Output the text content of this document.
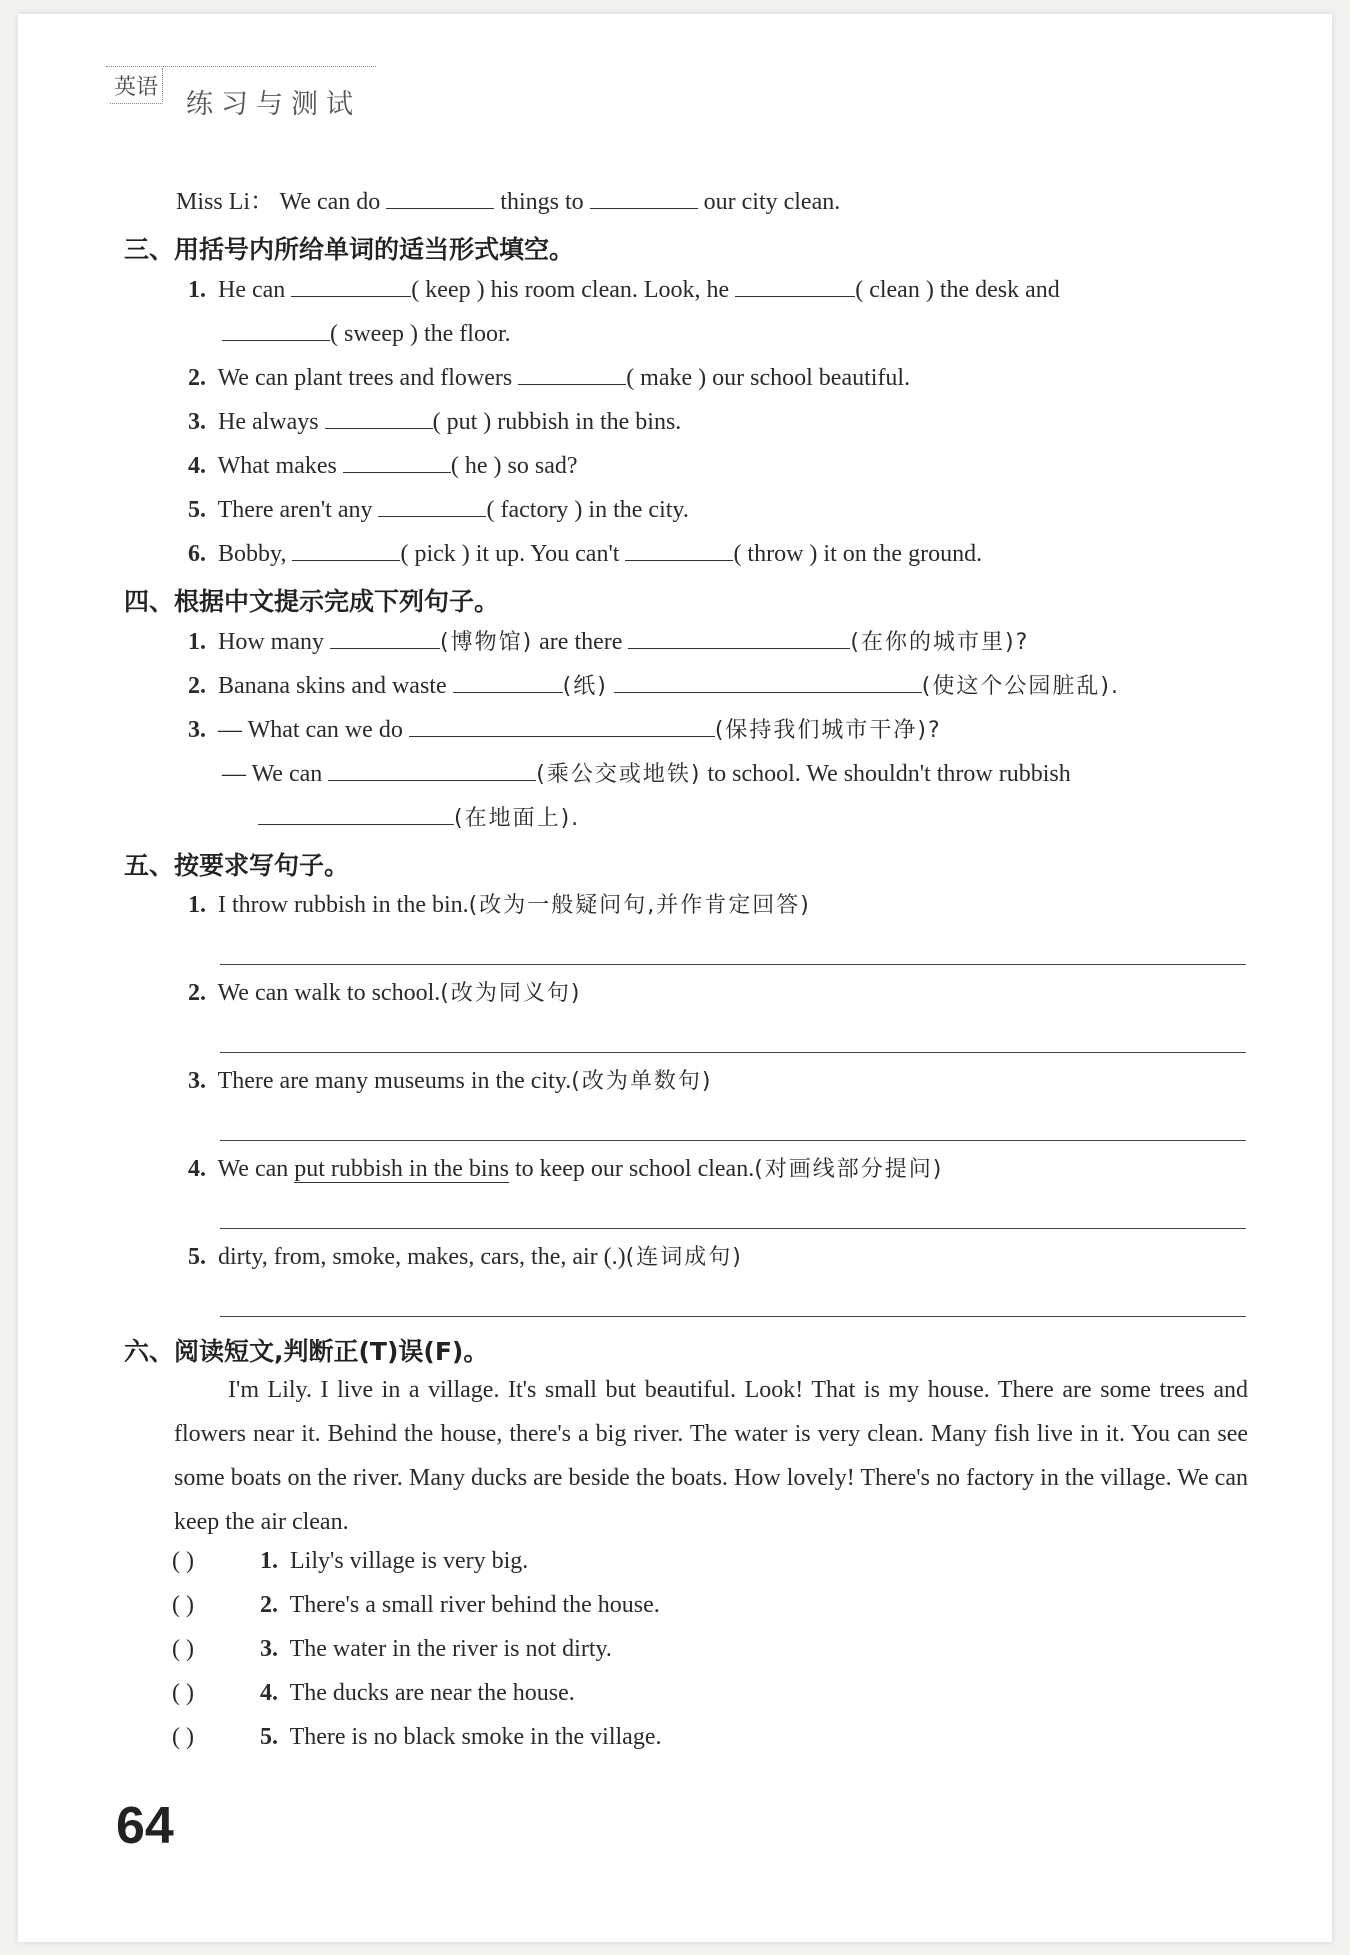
英语
练习与测试
Miss Li： We can do	things to	our city clean.
三、用括号内所给单词的适当形式填空。
1. He can	( keep ) his room clean. Look, he	( clean ) the desk and
( sweep ) the floor.
2. We can plant trees and flowers	( make ) our school beautiful.
3. He always	( put ) rubbish in the bins.
4. What makes	( he ) so sad?
5. There aren't any	( factory ) in the city.
6. Bobby,	( pick ) it up. You can't	( throw ) it on the ground.
四、根据中文提示完成下列句子。
1. How many	(博物馆) are there	(在你的城市里)?
2. Banana skins and waste	(纸)	(使这个公园脏乱).
3. — What can we do	(保持我们城市干净)?
— We can	(乘公交或地铁) to school. We shouldn't throw rubbish
(在地面上).
五、按要求写句子。
1. I throw rubbish in the bin.(改为一般疑问句,并作肯定回答)
2. We can walk to school.(改为同义句)
3. There are many museums in the city.(改为单数句)
4. We can put rubbish in the bins to keep our school clean.(对画线部分提问)
5. dirty, from, smoke, makes, cars, the, air (.)(连词成句)
六、阅读短文,判断正(T)误(F)。
I'm Lily. I live in a village. It's small but beautiful. Look! That is my house. There are some trees and flowers near it. Behind the house, there's a big river. The water is very clean. Many fish live in it. You can see some boats on the river. Many ducks are beside the boats. How lovely! There's no factory in the village. We can keep the air clean.
( )	1. Lily's village is very big.
( )	2. There's a small river behind the house.
( )	3. The water in the river is not dirty.
( )	4. The ducks are near the house.
( )	5. There is no black smoke in the village.
64
